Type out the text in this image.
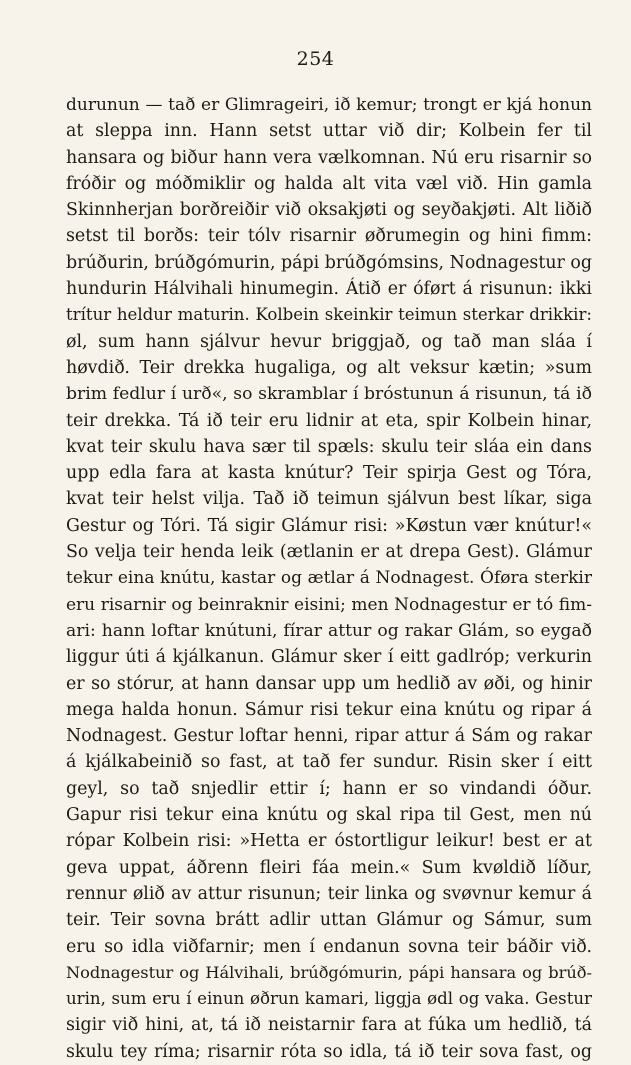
254
durunun — tað er Glimrageiri, ið kemur; trongt er kjá honun
at sleppa inn. Hann setst uttar við dir; Kolbein fer til
hansara og biður hann vera vælkomnan. Nú eru risarnir so
fróðir og móðmiklir og halda alt vita væl við. Hin gamla
Skinnherjan borðreiðir við oksakjøti og seyðakjøti. Alt liðið
setst til borðs: teir tólv risarnir øðrumegin og hini fimm:
brúðurin, brúðgómurin, pápi brúðgómsins, Nodnagestur og
hundurin Hálvihali hinumegin. Átið er óført á risunun: ikki
trítur heldur maturin. Kolbein skeinkir teimun sterkar drikkir:
øl, sum hann sjálvur hevur briggjað, og tað man sláa í
høvdið. Teir drekka hugaliga, og alt veksur kætin; »sum
brim fedlur í urð«, so skramblar í bróstunun á risunun, tá ið
teir drekka. Tá ið teir eru lidnir at eta, spir Kolbein hinar,
kvat teir skulu hava sær til spæls: skulu teir sláa ein dans
upp edla fara at kasta knútur? Teir spirja Gest og Tóra,
kvat teir helst vilja. Tað ið teimun sjálvun best líkar, siga
Gestur og Tóri. Tá sigir Glámur risi: »Køstun vær knútur!«
So velja teir henda leik (ætlanin er at drepa Gest). Glámur
tekur eina knútu, kastar og ætlar á Nodnagest. Óføra sterkir
eru risarnir og beinraknir eisini; men Nodnagestur er tó fim-
ari: hann loftar knútuni, fírar attur og rakar Glám, so eygað
liggur úti á kjálkanun. Glámur sker í eitt gadlróp; verkurin
er so stórur, at hann dansar upp um hedlið av øði, og hinir
mega halda honun. Sámur risi tekur eina knútu og ripar á
Nodnagest. Gestur loftar henni, ripar attur á Sám og rakar
á kjálkabeinið so fast, at tað fer sundur. Risin sker í eitt
geyl, so tað snjedlir ettir í; hann er so vindandi óður.
Gapur risi tekur eina knútu og skal ripa til Gest, men nú
rópar Kolbein risi: »Hetta er óstortligur leikur! best er at
geva uppat, áðrenn fleiri fáa mein.« Sum kvøldið líður,
rennur ølið av attur risunun; teir linka og svøvnur kemur á
teir. Teir sovna brátt adlir uttan Glámur og Sámur, sum
eru so idla viðfarnir; men í endanun sovna teir báðir við.
Nodnagestur og Hálvihali, brúðgómurin, pápi hansara og brúð-
urin, sum eru í einun øðrun kamari, liggja ødl og vaka. Gestur
sigir við hini, at, tá ið neistarnir fara at fúka um hedlið, tá
skulu tey ríma; risarnir róta so idla, tá ið teir sova fast, og
